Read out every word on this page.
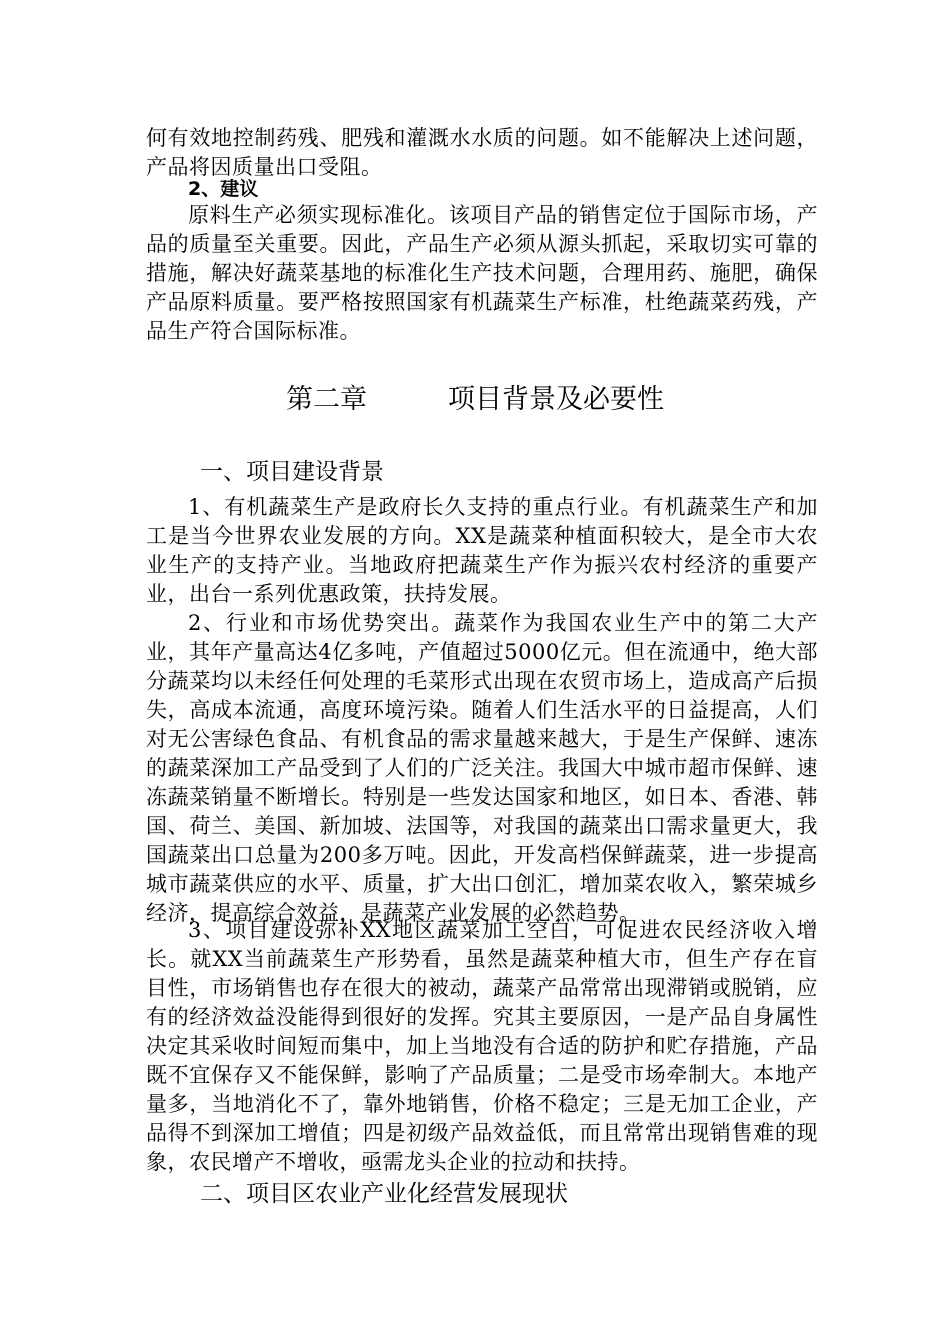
何有效地控制药残、肥残和灌溉水水质的问题。如不能解决上述问题，产品将因质量出口受阻。

2、建议

原料生产必须实现标准化。该项目产品的销售定位于国际市场，产品的质量至关重要。因此，产品生产必须从源头抓起，采取切实可靠的措施，解决好蔬菜基地的标准化生产技术问题，合理用药、施肥，确保产品原料质量。要严格按照国家有机蔬菜生产标准，杜绝蔬菜药残，产品生产符合国际标准。

第二章　　　	项目背景及必要性
一、项目建设背景

1、有机蔬菜生产是政府长久支持的重点行业。有机蔬菜生产和加工是当今世界农业发展的方向。XX是蔬菜种植面积较大，是全市大农业生产的支持产业。当地政府把蔬菜生产作为振兴农村经济的重要产业，出台一系列优惠政策，扶持发展。

2、行业和市场优势突出。蔬菜作为我国农业生产中的第二大产业，其年产量高达4亿多吨，产值超过5000亿元。但在流通中，绝大部分蔬菜均以未经任何处理的毛菜形式出现在农贸市场上，造成高产后损失，高成本流通，高度环境污染。随着人们生活水平的日益提高，人们对无公害绿色食品、有机食品的需求量越来越大，于是生产保鲜、速冻的蔬菜深加工产品受到了人们的广泛关注。我国大中城市超市保鲜、速冻蔬菜销量不断增长。特别是一些发达国家和地区，如日本、香港、韩国、荷兰、美国、新加坡、法国等，对我国的蔬菜出口需求量更大，我国蔬菜出口总量为200多万吨。因此，开发高档保鲜蔬菜，进一步提高城市蔬菜供应的水平、质量，扩大出口创汇，增加菜农收入，繁荣城乡经济，提高综合效益，是蔬菜产业发展的必然趋势。

3、项目建设弥补XX地区蔬菜加工空白，可促进农民经济收入增长。就XX当前蔬菜生产形势看，虽然是蔬菜种植大市，但生产存在盲目性，市场销售也存在很大的被动，蔬菜产品常常出现滞销或脱销，应有的经济效益没能得到很好的发挥。究其主要原因，一是产品自身属性决定其采收时间短而集中，加上当地没有合适的防护和贮存措施，产品既不宜保存又不能保鲜，影响了产品质量；二是受市场牵制大。本地产量多，当地消化不了，靠外地销售，价格不稳定；三是无加工企业，产品得不到深加工增值；四是初级产品效益低，而且常常出现销售难的现象，农民增产不增收，亟需龙头企业的拉动和扶持。

二、项目区农业产业化经营发展现状
